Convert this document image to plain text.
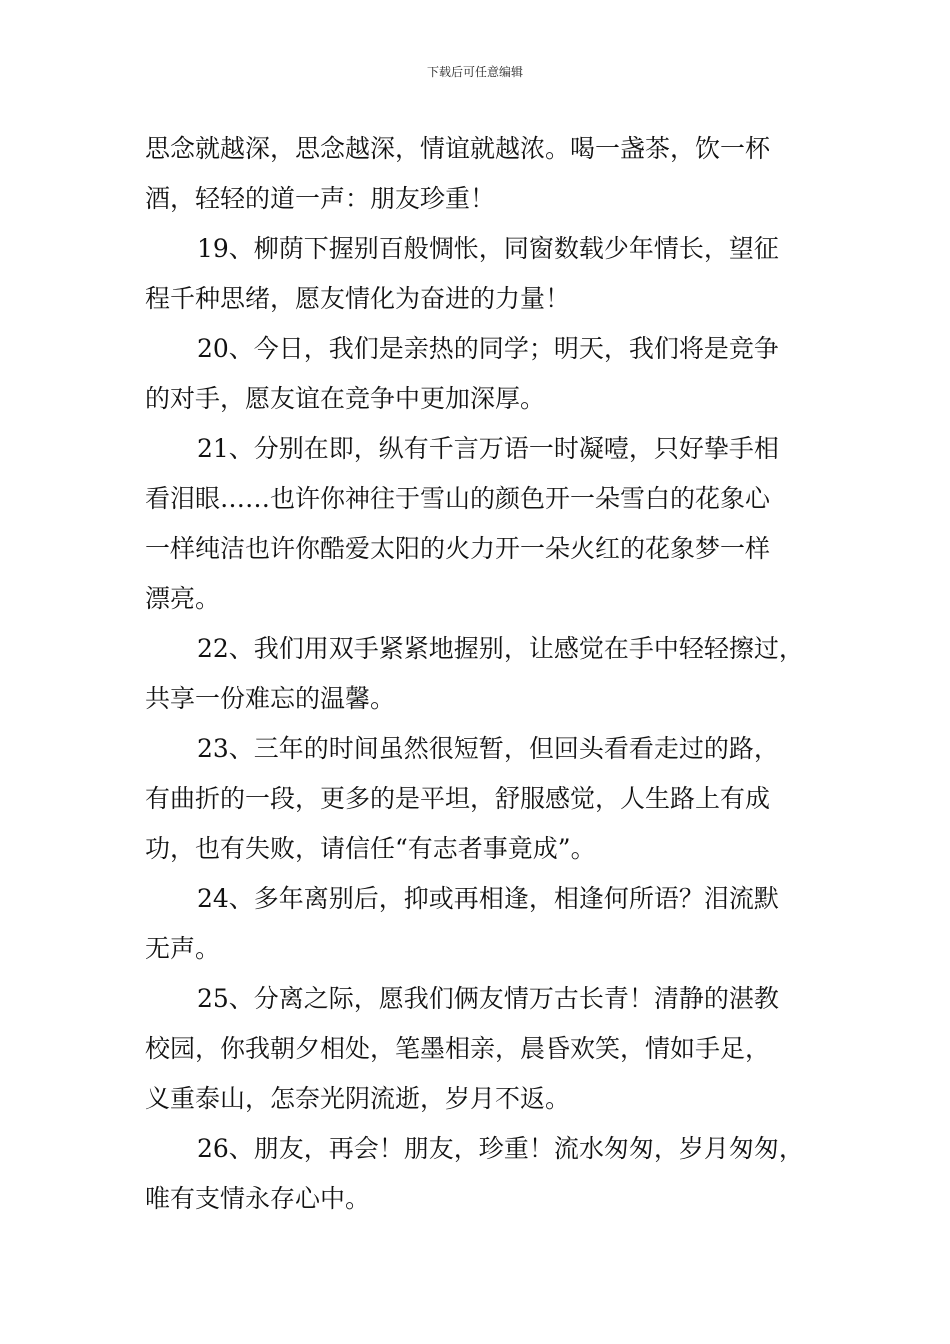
下载后可任意编辑
思念就越深，思念越深，情谊就越浓。喝一盏茶，饮一杯
酒，轻轻的道一声：朋友珍重！
19、柳荫下握别百般惆怅，同窗数载少年情长，望征
程千种思绪，愿友情化为奋进的力量！
20、今日，我们是亲热的同学；明天，我们将是竞争
的对手，愿友谊在竞争中更加深厚。
21、分别在即，纵有千言万语一时凝噎，只好挚手相
看泪眼……也许你神往于雪山的颜色开一朵雪白的花象心
一样纯洁也许你酷爱太阳的火力开一朵火红的花象梦一样
漂亮。
22、我们用双手紧紧地握别，让感觉在手中轻轻擦过，
共享一份难忘的温馨。
23、三年的时间虽然很短暂，但回头看看走过的路，
有曲折的一段，更多的是平坦，舒服感觉，人生路上有成
功，也有失败，请信任“有志者事竟成”。
24、多年离别后，抑或再相逢，相逢何所语？泪流默
无声。
25、分离之际，愿我们俩友情万古长青！清静的湛教
校园，你我朝夕相处，笔墨相亲，晨昏欢笑，情如手足，
义重泰山，怎奈光阴流逝，岁月不返。
26、朋友，再会！朋友，珍重！流水匆匆，岁月匆匆，
唯有支情永存心中。
